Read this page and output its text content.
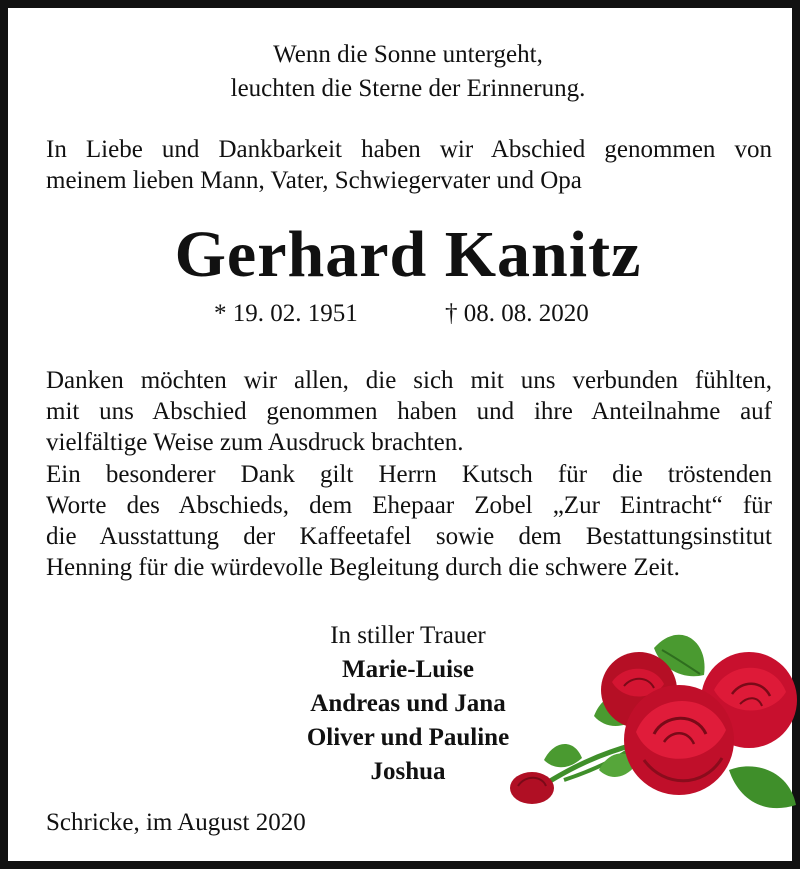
Wenn die Sonne untergeht,
leuchten die Sterne der Erinnerung.
In Liebe und Dankbarkeit haben wir Abschied genommen von
meinem lieben Mann, Vater, Schwiegervater und Opa
Gerhard Kanitz
* 19. 02. 1951	† 08. 08. 2020
Danken möchten wir allen, die sich mit uns verbunden fühlten,
mit uns Abschied genommen haben und ihre Anteilnahme auf
vielfältige Weise zum Ausdruck brachten.
Ein besonderer Dank gilt Herrn Kutsch für die tröstenden
Worte des Abschieds, dem Ehepaar Zobel „Zur Eintracht“ für
die Ausstattung der Kaffeetafel sowie dem Bestattungsinstitut
Henning für die würdevolle Begleitung durch die schwere Zeit.
In stiller Trauer
Marie-Luise
Andreas und Jana
Oliver und Pauline
Joshua
Schricke, im August 2020
